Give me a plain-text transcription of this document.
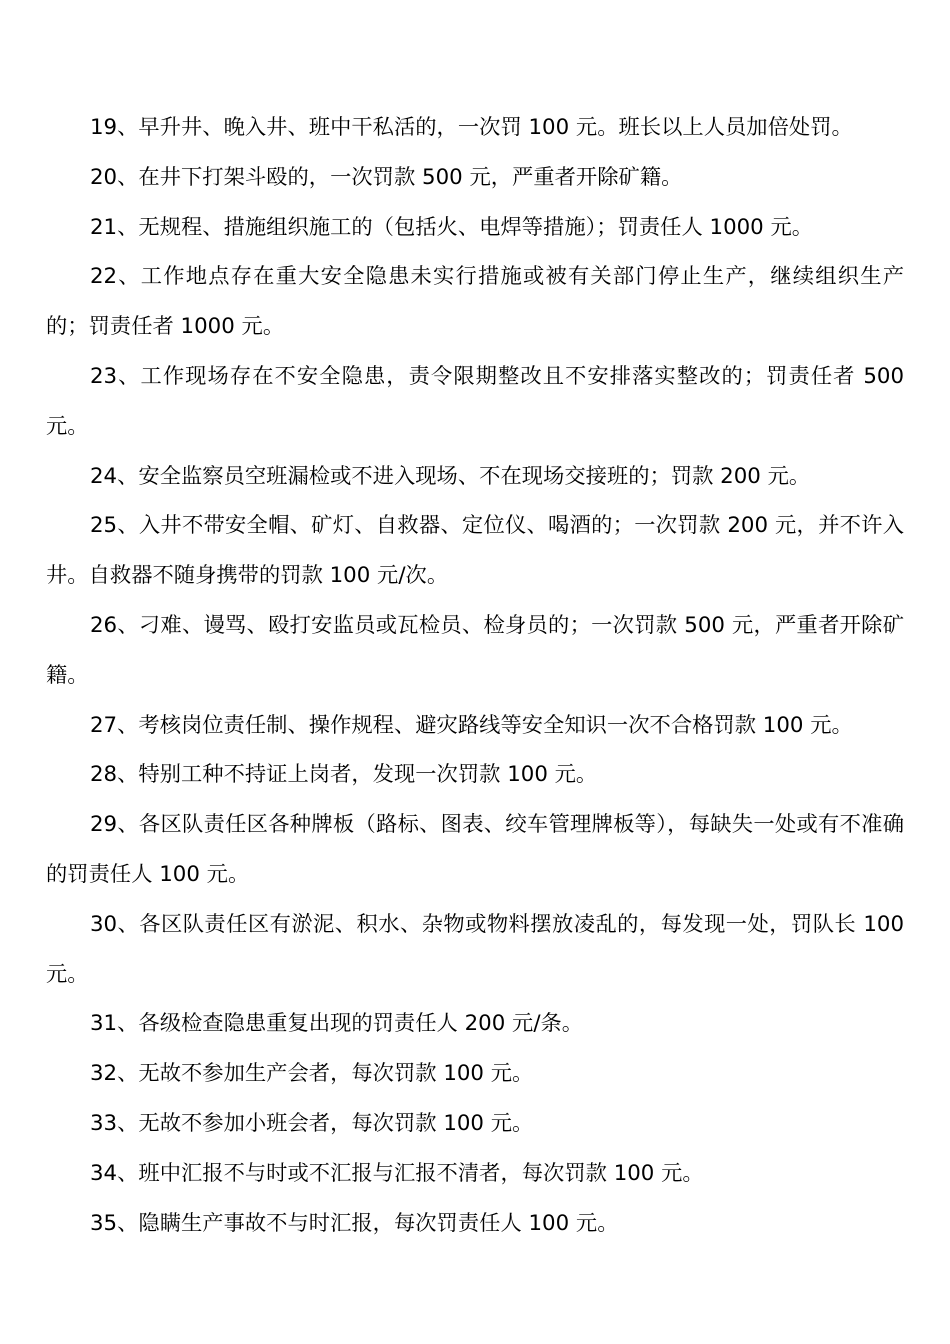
19、早升井、晚入井、班中干私活的，一次罚 100 元。班长以上人员加倍处罚。

20、在井下打架斗殴的，一次罚款 500 元，严重者开除矿籍。

21、无规程、措施组织施工的（包括火、电焊等措施）；罚责任人 1000 元。

22、工作地点存在重大安全隐患未实行措施或被有关部门停止生产，继续组织生产的；罚责任者 1000 元。

23、工作现场存在不安全隐患，责令限期整改且不安排落实整改的；罚责任者 500 元。

24、安全监察员空班漏检或不进入现场、不在现场交接班的；罚款 200 元。

25、入井不带安全帽、矿灯、自救器、定位仪、喝酒的；一次罚款 200 元，并不许入井。自救器不随身携带的罚款 100 元/次。

26、刁难、谩骂、殴打安监员或瓦检员、检身员的；一次罚款 500 元，严重者开除矿籍。

27、考核岗位责任制、操作规程、避灾路线等安全知识一次不合格罚款 100 元。

28、特别工种不持证上岗者，发现一次罚款 100 元。

29、各区队责任区各种牌板（路标、图表、绞车管理牌板等），每缺失一处或有不准确的罚责任人 100 元。

30、各区队责任区有淤泥、积水、杂物或物料摆放凌乱的，每发现一处，罚队长 100 元。

31、各级检查隐患重复出现的罚责任人 200 元/条。

32、无故不参加生产会者，每次罚款 100 元。

33、无故不参加小班会者，每次罚款 100 元。

34、班中汇报不与时或不汇报与汇报不清者，每次罚款 100 元。

35、隐瞒生产事故不与时汇报，每次罚责任人 100 元。
